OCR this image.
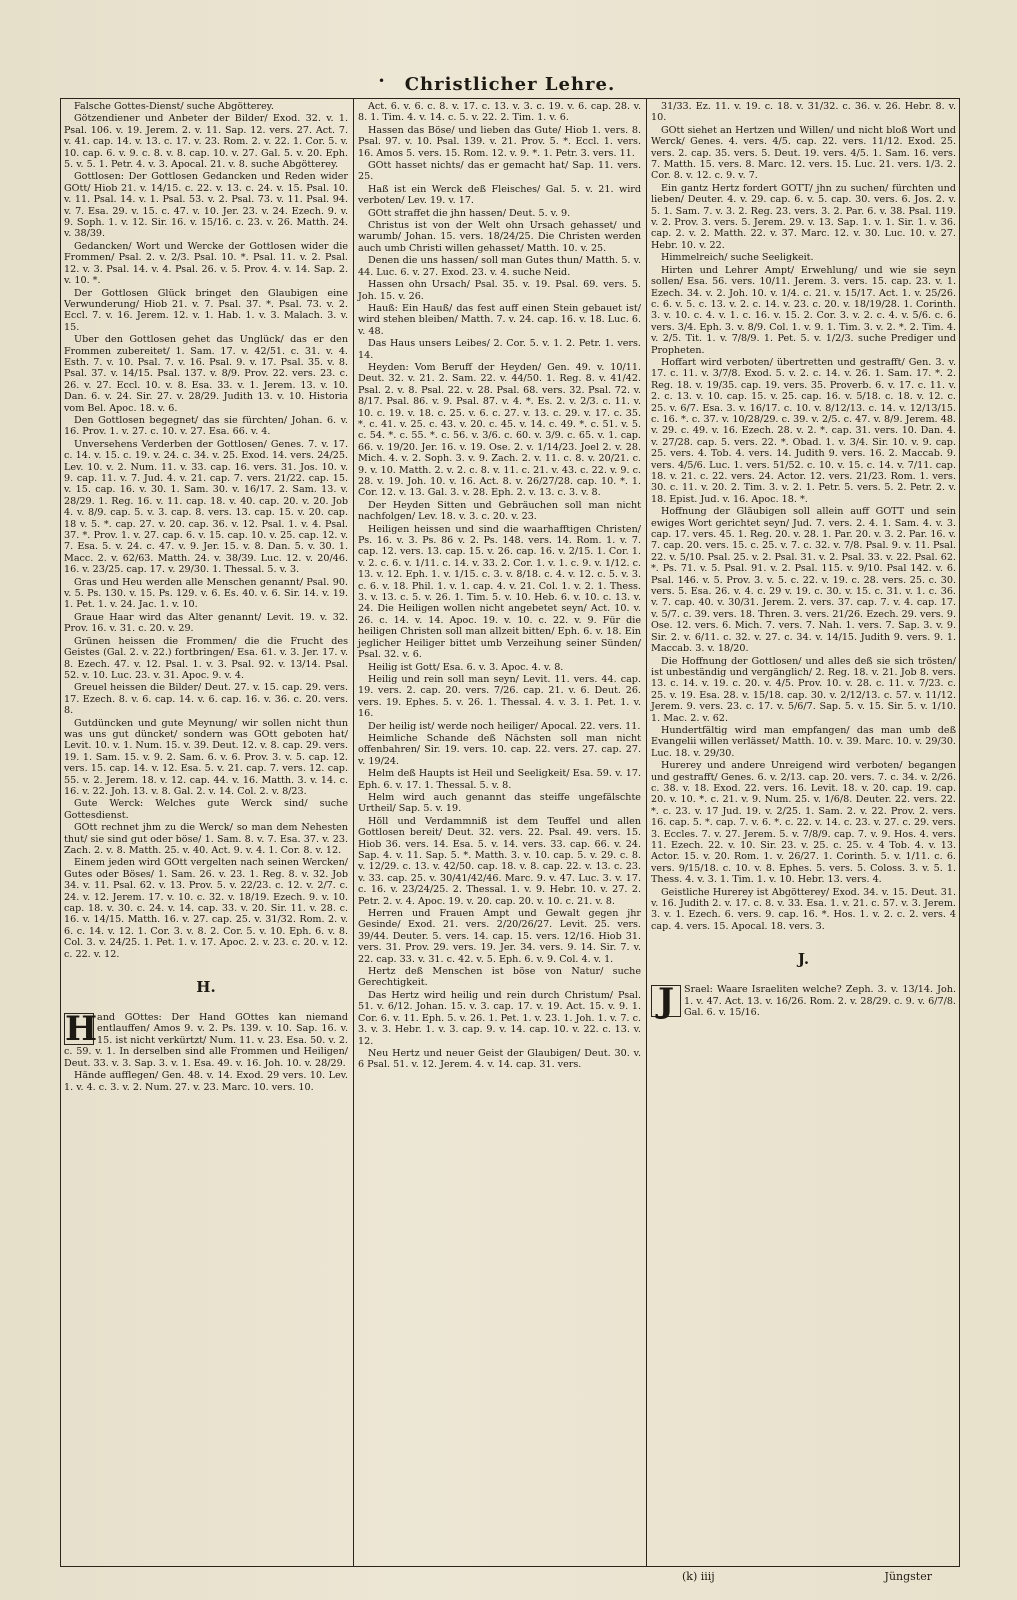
• Christlicher Lehre.

Falsche Gottes-Dienst/ suche Abgötterey.

Götzendiener und Anbeter der Bilder/ Exod. 32. v. 1. Psal. 106. v. 19. Jerem. 2. v. 11. Sap. 12. vers. 27. Act. 7. v. 41. cap. 14. v. 13. c. 17. v. 23. Rom. 2. v. 22. 1. Cor. 5. v. 10. cap. 6. v. 9. c. 8. v. 8. cap. 10. v. 27. Gal. 5. v. 20. Eph. 5. v. 5. 1. Petr. 4. v. 3. Apocal. 21. v. 8. suche Abgötterey.

Gottlosen: Der Gottlosen Gedancken und Reden wider GOtt/ Hiob 21. v. 14/15. c. 22. v. 13. c. 24. v. 15. Psal. 10. v. 11. Psal. 14. v. 1. Psal. 53. v. 2. Psal. 73. v. 11. Psal. 94. v. 7. Esa. 29. v. 15. c. 47. v. 10. Jer. 23. v. 24. Ezech. 9. v. 9. Soph. 1. v. 12. Sir. 16. v. 15/16. c. 23. v. 26. Matth. 24. v. 38/39.

Gedancken/ Wort und Wercke der Gottlosen wider die Frommen/ Psal. 2. v. 2/3. Psal. 10. *. Psal. 11. v. 2. Psal. 12. v. 3. Psal. 14. v. 4. Psal. 26. v. 5. Prov. 4. v. 14. Sap. 2. v. 10. *.

Der Gottlosen Glück bringet den Glaubigen eine Verwunderung/ Hiob 21. v. 7. Psal. 37. *. Psal. 73. v. 2. Eccl. 7. v. 16. Jerem. 12. v. 1. Hab. 1. v. 3. Malach. 3. v. 15.

Uber den Gottlosen gehet das Unglück/ das er den Frommen zubereitet/ 1. Sam. 17. v. 42/51. c. 31. v. 4. Esth. 7. v. 10. Psal. 7. v. 16. Psal. 9. v. 17. Psal. 35. v. 8. Psal. 37. v. 14/15. Psal. 137. v. 8/9. Prov. 22. vers. 23. c. 26. v. 27. Eccl. 10. v. 8. Esa. 33. v. 1. Jerem. 13. v. 10. Dan. 6. v. 24. Sir. 27. v. 28/29. Judith 13. v. 10. Historia vom Bel. Apoc. 18. v. 6.

Den Gottlosen begegnet/ das sie fürchten/ Johan. 6. v. 16. Prov. 1. v. 27. c. 10. v. 27. Esa. 66. v. 4.

Unversehens Verderben der Gottlosen/ Genes. 7. v. 17. c. 14. v. 15. c. 19. v. 24. c. 34. v. 25. Exod. 14. vers. 24/25. Lev. 10. v. 2. Num. 11. v. 33. cap. 16. vers. 31. Jos. 10. v. 9. cap. 11. v. 7. Jud. 4. v. 21. cap. 7. vers. 21/22. cap. 15. v. 15. cap. 16. v. 30. 1. Sam. 30. v. 16/17. 2. Sam. 13. v. 28/29. 1. Reg. 16. v. 11. cap. 18. v. 40. cap. 20. v. 20. Job 4. v. 8/9. cap. 5. v. 3. cap. 8. vers. 13. cap. 15. v. 20. cap. 18 v. 5. *. cap. 27. v. 20. cap. 36. v. 12. Psal. 1. v. 4. Psal. 37. *. Prov. 1. v. 27. cap. 6. v. 15. cap. 10. v. 25. cap. 12. v. 7. Esa. 5. v. 24. c. 47. v. 9. Jer. 15. v. 8. Dan. 5. v. 30. 1. Macc. 2. v. 62/63. Matth. 24. v. 38/39. Luc. 12. v. 20/46. 16. v. 23/25. cap. 17. v. 29/30. 1. Thessal. 5. v. 3.

Gras und Heu werden alle Menschen genannt/ Psal. 90. v. 5. Ps. 130. v. 15. Ps. 129. v. 6. Es. 40. v. 6. Sir. 14. v. 19. 1. Pet. 1. v. 24. Jac. 1. v. 10.

Graue Haar wird das Alter genannt/ Levit. 19. v. 32. Prov. 16. v. 31. c. 20. v. 29.

Grünen heissen die Frommen/ die die Frucht des Geistes (Gal. 2. v. 22.) fortbringen/ Esa. 61. v. 3. Jer. 17. v. 8. Ezech. 47. v. 12. Psal. 1. v. 3. Psal. 92. v. 13/14. Psal. 52. v. 10. Luc. 23. v. 31. Apoc. 9. v. 4.

Greuel heissen die Bilder/ Deut. 27. v. 15. cap. 29. vers. 17. Ezech. 8. v. 6. cap. 14. v. 6. cap. 16. v. 36. c. 20. vers. 8.

Gutdüncken und gute Meynung/ wir sollen nicht thun was uns gut düncket/ sondern was GOtt geboten hat/ Levit. 10. v. 1. Num. 15. v. 39. Deut. 12. v. 8. cap. 29. vers. 19. 1. Sam. 15. v. 9. 2. Sam. 6. v. 6. Prov. 3. v. 5. cap. 12. vers. 15. cap. 14. v. 12. Esa. 5. v. 21. cap. 7. vers. 12. cap. 55. v. 2. Jerem. 18. v. 12. cap. 44. v. 16. Matth. 3. v. 14. c. 16. v. 22. Joh. 13. v. 8. Gal. 2. v. 14. Col. 2. v. 8/23.

Gute Werck: Welches gute Werck sind/ suche Gottesdienst.

GOtt rechnet jhm zu die Werck/ so man dem Nehesten thut/ sie sind gut oder böse/ 1. Sam. 8. v. 7. Esa. 37. v. 23. Zach. 2. v. 8. Matth. 25. v. 40. Act. 9. v. 4. 1. Cor. 8. v. 12.

Einem jeden wird GOtt vergelten nach seinen Wercken/ Gutes oder Böses/ 1. Sam. 26. v. 23. 1. Reg. 8. v. 32. Job 34. v. 11. Psal. 62. v. 13. Prov. 5. v. 22/23. c. 12. v. 2/7. c. 24. v. 12. Jerem. 17. v. 10. c. 32. v. 18/19. Ezech. 9. v. 10. cap. 18. v. 30. c. 24. v. 14. cap. 33. v. 20. Sir. 11. v. 28. c. 16. v. 14/15. Matth. 16. v. 27. cap. 25. v. 31/32. Rom. 2. v. 6. c. 14. v. 12. 1. Cor. 3. v. 8. 2. Cor. 5. v. 10. Eph. 6. v. 8. Col. 3. v. 24/25. 1. Pet. 1. v. 17. Apoc. 2. v. 23. c. 20. v. 12. c. 22. v. 12.

H.

H and GOttes: Der Hand GOttes kan niemand entlauffen/ Amos 9. v. 2. Ps. 139. v. 10. Sap. 16. v. 15. ist nicht verkürtzt/ Num. 11. v. 23. Esa. 50. v. 2. c. 59. v. 1. In derselben sind alle Frommen und Heiligen/ Deut. 33. v. 3. Sap. 3. v. 1. Esa. 49. v. 16. Joh. 10. v. 28/29.

Hände aufflegen/ Gen. 48. v. 14. Exod. 29 vers. 10. Lev. 1. v. 4. c. 3. v. 2. Num. 27. v. 23. Marc. 10. vers. 10.

Act. 6. v. 6. c. 8. v. 17. c. 13. v. 3. c. 19. v. 6. cap. 28. v. 8. 1. Tim. 4. v. 14. c. 5. v. 22. 2. Tim. 1. v. 6.

Hassen das Böse/ und lieben das Gute/ Hiob 1. vers. 8. Psal. 97. v. 10. Psal. 139. v. 21. Prov. 5. *. Eccl. 1. vers. 16. Amos 5. vers. 15. Rom. 12. v. 9. *. 1. Petr. 3. vers. 11.

GOtt hasset nichts/ das er gemacht hat/ Sap. 11. vers. 25.

Haß ist ein Werck deß Fleisches/ Gal. 5. v. 21. wird verboten/ Lev. 19. v. 17.

GOtt straffet die jhn hassen/ Deut. 5. v. 9.

Christus ist von der Welt ohn Ursach gehasset/ und warumb/ Johan. 15. vers. 18/24/25. Die Christen werden auch umb Christi willen gehasset/ Matth. 10. v. 25.

Denen die uns hassen/ soll man Gutes thun/ Matth. 5. v. 44. Luc. 6. v. 27. Exod. 23. v. 4. suche Neid.

Hassen ohn Ursach/ Psal. 35. v. 19. Psal. 69. vers. 5. Joh. 15. v. 26.

Hauß: Ein Hauß/ das fest auff einen Stein gebauet ist/ wird stehen bleiben/ Matth. 7. v. 24. cap. 16. v. 18. Luc. 6. v. 48.

Das Haus unsers Leibes/ 2. Cor. 5. v. 1. 2. Petr. 1. vers. 14.

Heyden: Vom Beruff der Heyden/ Gen. 49. v. 10/11. Deut. 32. v. 21. 2. Sam. 22. v. 44/50. 1. Reg. 8. v. 41/42. Psal. 2. v. 8. Psal. 22. v. 28. Psal. 68. vers. 32. Psal. 72. v. 8/17. Psal. 86. v. 9. Psal. 87. v. 4. *. Es. 2. v. 2/3. c. 11. v. 10. c. 19. v. 18. c. 25. v. 6. c. 27. v. 13. c. 29. v. 17. c. 35. *. c. 41. v. 25. c. 43. v. 20. c. 45. v. 14. c. 49. *. c. 51. v. 5. c. 54. *. c. 55. *. c. 56. v. 3/6. c. 60. v. 3/9. c. 65. v. 1. cap. 66. v. 19/20. Jer. 16. v. 19. Ose. 2. v. 1/14/23. Joel 2. v. 28. Mich. 4. v. 2. Soph. 3. v. 9. Zach. 2. v. 11. c. 8. v. 20/21. c. 9. v. 10. Matth. 2. v. 2. c. 8. v. 11. c. 21. v. 43. c. 22. v. 9. c. 28. v. 19. Joh. 10. v. 16. Act. 8. v. 26/27/28. cap. 10. *. 1. Cor. 12. v. 13. Gal. 3. v. 28. Eph. 2. v. 13. c. 3. v. 8.

Der Heyden Sitten und Gebräuchen soll man nicht nachfolgen/ Lev. 18. v. 3. c. 20. v. 23.

Heiligen heissen und sind die waarhafftigen Christen/ Ps. 16. v. 3. Ps. 86 v. 2. Ps. 148. vers. 14. Rom. 1. v. 7. cap. 12. vers. 13. cap. 15. v. 26. cap. 16. v. 2/15. 1. Cor. 1. v. 2. c. 6. v. 1/11. c. 14. v. 33. 2. Cor. 1. v. 1. c. 9. v. 1/12. c. 13. v. 12. Eph. 1. v. 1/15. c. 3. v. 8/18. c. 4. v. 12. c. 5. v. 3. c. 6. v. 18. Phil. 1. v. 1. cap. 4. v. 21. Col. 1. v. 2. 1. Thess. 3. v. 13. c. 5. v. 26. 1. Tim. 5. v. 10. Heb. 6. v. 10. c. 13. v. 24. Die Heiligen wollen nicht angebetet seyn/ Act. 10. v. 26. c. 14. v. 14. Apoc. 19. v. 10. c. 22. v. 9. Für die heiligen Christen soll man allzeit bitten/ Eph. 6. v. 18. Ein jeglicher Heiliger bittet umb Verzeihung seiner Sünden/ Psal. 32. v. 6.

Heilig ist Gott/ Esa. 6. v. 3. Apoc. 4. v. 8.

Heilig und rein soll man seyn/ Levit. 11. vers. 44. cap. 19. vers. 2. cap. 20. vers. 7/26. cap. 21. v. 6. Deut. 26. vers. 19. Ephes. 5. v. 26. 1. Thessal. 4. v. 3. 1. Pet. 1. v. 16.

Der heilig ist/ werde noch heiliger/ Apocal. 22. vers. 11.

Heimliche Schande deß Nächsten soll man nicht offenbahren/ Sir. 19. vers. 10. cap. 22. vers. 27. cap. 27. v. 19/24.

Helm deß Haupts ist Heil und Seeligkeit/ Esa. 59. v. 17. Eph. 6. v. 17. 1. Thessal. 5. v. 8.

Helm wird auch genannt das steiffe ungefälschte Urtheil/ Sap. 5. v. 19.

Höll und Verdammniß ist dem Teuffel und allen Gottlosen bereit/ Deut. 32. vers. 22. Psal. 49. vers. 15. Hiob 36. vers. 14. Esa. 5. v. 14. vers. 33. cap. 66. v. 24. Sap. 4. v. 11. Sap. 5. *. Matth. 3. v. 10. cap. 5. v. 29. c. 8. v. 12/29. c. 13. v. 42/50. cap. 18. v. 8. cap. 22. v. 13. c. 23. v. 33. cap. 25. v. 30/41/42/46. Marc. 9. v. 47. Luc. 3. v. 17. c. 16. v. 23/24/25. 2. Thessal. 1. v. 9. Hebr. 10. v. 27. 2. Petr. 2. v. 4. Apoc. 19. v. 20. cap. 20. v. 10. c. 21. v. 8.

Herren und Frauen Ampt und Gewalt gegen jhr Gesinde/ Exod. 21. vers. 2/20/26/27. Levit. 25. vers. 39/44. Deuter. 5. vers. 14. cap. 15. vers. 12/16. Hiob 31. vers. 31. Prov. 29. vers. 19. Jer. 34. vers. 9. 14. Sir. 7. v. 22. cap. 33. v. 31. c. 42. v. 5. Eph. 6. v. 9. Col. 4. v. 1.

Hertz deß Menschen ist böse von Natur/ suche Gerechtigkeit.

Das Hertz wird heilig und rein durch Christum/ Psal. 51. v. 6/12. Johan. 15. v. 3. cap. 17. v. 19. Act. 15. v. 9. 1. Cor. 6. v. 11. Eph. 5. v. 26. 1. Pet. 1. v. 23. 1. Joh. 1. v. 7. c. 3. v. 3. Hebr. 1. v. 3. cap. 9. v. 14. cap. 10. v. 22. c. 13. v. 12.

Neu Hertz und neuer Geist der Glaubigen/ Deut. 30. v. 6 Psal. 51. v. 12. Jerem. 4. v. 14. cap. 31. vers.

31/33. Ez. 11. v. 19. c. 18. v. 31/32. c. 36. v. 26. Hebr. 8. v. 10.

GOtt siehet an Hertzen und Willen/ und nicht bloß Wort und Werck/ Genes. 4. vers. 4/5. cap. 22. vers. 11/12. Exod. 25. vers. 2. cap. 35. vers. 5. Deut. 19. vers. 4/5. 1. Sam. 16. vers. 7. Matth. 15. vers. 8. Marc. 12. vers. 15. Luc. 21. vers. 1/3. 2. Cor. 8. v. 12. c. 9. v. 7.

Ein gantz Hertz fordert GOTT/ jhn zu suchen/ fürchten und lieben/ Deuter. 4. v. 29. cap. 6. v. 5. cap. 30. vers. 6. Jos. 2. v. 5. 1. Sam. 7. v. 3. 2. Reg. 23. vers. 3. 2. Par. 6. v. 38. Psal. 119. v. 2. Prov. 3. vers. 5. Jerem. 29. v. 13. Sap. 1. v. 1. Sir. 1. v. 36. cap. 2. v. 2. Matth. 22. v. 37. Marc. 12. v. 30. Luc. 10. v. 27. Hebr. 10. v. 22.

Himmelreich/ suche Seeligkeit.

Hirten und Lehrer Ampt/ Erwehlung/ und wie sie seyn sollen/ Esa. 56. vers. 10/11. Jerem. 3. vers. 15. cap. 23. v. 1. Ezech. 34. v. 2. Joh. 10. v. 1/4. c. 21. v. 15/17. Act. 1. v. 25/26. c. 6. v. 5. c. 13. v. 2. c. 14. v. 23. c. 20. v. 18/19/28. 1. Corinth. 3. v. 10. c. 4. v. 1. c. 16. v. 15. 2. Cor. 3. v. 2. c. 4. v. 5/6. c. 6. vers. 3/4. Eph. 3. v. 8/9. Col. 1. v. 9. 1. Tim. 3. v. 2. *. 2. Tim. 4. v. 2/5. Tit. 1. v. 7/8/9. 1. Pet. 5. v. 1/2/3. suche Prediger und Propheten.

Hoffart wird verboten/ übertretten und gestrafft/ Gen. 3. v. 17. c. 11. v. 3/7/8. Exod. 5. v. 2. c. 14. v. 26. 1. Sam. 17. *. 2. Reg. 18. v. 19/35. cap. 19. vers. 35. Proverb. 6. v. 17. c. 11. v. 2. c. 13. v. 10. cap. 15. v. 25. cap. 16. v. 5/18. c. 18. v. 12. c. 25. v. 6/7. Esa. 3. v. 16/17. c. 10. v. 8/12/13. c. 14. v. 12/13/15. c. 16. *. c. 37. v. 10/28/29. c. 39. v. 2/5. c. 47. v. 8/9. Jerem. 48. v. 29. c. 49. v. 16. Ezech. 28. v. 2. *. cap. 31. vers. 10. Dan. 4. v. 27/28. cap. 5. vers. 22. *. Obad. 1. v. 3/4. Sir. 10. v. 9. cap. 25. vers. 4. Tob. 4. vers. 14. Judith 9. vers. 16. 2. Maccab. 9. vers. 4/5/6. Luc. 1. vers. 51/52. c. 10. v. 15. c. 14. v. 7/11. cap. 18. v. 21. c. 22. vers. 24. Actor. 12. vers. 21/23. Rom. 1. vers. 30. c. 11. v. 20. 2. Tim. 3. v. 2. 1. Petr. 5. vers. 5. 2. Petr. 2. v. 18. Epist. Jud. v. 16. Apoc. 18. *.

Hoffnung der Gläubigen soll allein auff GOTT und sein ewiges Wort gerichtet seyn/ Jud. 7. vers. 2. 4. 1. Sam. 4. v. 3. cap. 17. vers. 45. 1. Reg. 20. v. 28. 1. Par. 20. v. 3. 2. Par. 16. v. 7. cap. 20. vers. 15. c. 25. v. 7. c. 32. v. 7/8. Psal. 9. v. 11. Psal. 22. v. 5/10. Psal. 25. v. 2. Psal. 31. v. 2. Psal. 33. v. 22. Psal. 62. *. Ps. 71. v. 5. Psal. 91. v. 2. Psal. 115. v. 9/10. Psal 142. v. 6. Psal. 146. v. 5. Prov. 3. v. 5. c. 22. v. 19. c. 28. vers. 25. c. 30. vers. 5. Esa. 26. v. 4. c. 29 v. 19. c. 30. v. 15. c. 31. v. 1. c. 36. v. 7. cap. 40. v. 30/31. Jerem. 2. vers. 37. cap. 7. v. 4. cap. 17. v. 5/7. c. 39. vers. 18. Thren. 3. vers. 21/26. Ezech. 29. vers. 9. Ose. 12. vers. 6. Mich. 7. vers. 7. Nah. 1. vers. 7. Sap. 3. v. 9. Sir. 2. v. 6/11. c. 32. v. 27. c. 34. v. 14/15. Judith 9. vers. 9. 1. Maccab. 3. v. 18/20.

Die Hoffnung der Gottlosen/ und alles deß sie sich trösten/ ist unbeständig und vergänglich/ 2. Reg. 18. v. 21. Job 8. vers. 13. c. 14. v. 19. c. 20. v. 4/5. Prov. 10. v. 28. c. 11. v. 7/23. c. 25. v. 19. Esa. 28. v. 15/18. cap. 30. v. 2/12/13. c. 57. v. 11/12. Jerem. 9. vers. 23. c. 17. v. 5/6/7. Sap. 5. v. 15. Sir. 5. v. 1/10. 1. Mac. 2. v. 62.

Hundertfältig wird man empfangen/ das man umb deß Evangelii willen verlässet/ Matth. 10. v. 39. Marc. 10. v. 29/30. Luc. 18. v. 29/30.

Hurerey und andere Unreigend wird verboten/ begangen und gestrafft/ Genes. 6. v. 2/13. cap. 20. vers. 7. c. 34. v. 2/26. c. 38. v. 18. Exod. 22. vers. 16. Levit. 18. v. 20. cap. 19. cap. 20. v. 10. *. c. 21. v. 9. Num. 25. v. 1/6/8. Deuter. 22. vers. 22. *. c. 23. v. 17 Jud. 19. v. 2/25. 1. Sam. 2. v. 22. Prov. 2. vers. 16. cap. 5. *. cap. 7. v. 6. *. c. 22. v. 14. c. 23. v. 27. c. 29. vers. 3. Eccles. 7. v. 27. Jerem. 5. v. 7/8/9. cap. 7. v. 9. Hos. 4. vers. 11. Ezech. 22. v. 10. Sir. 23. v. 25. c. 25. v. 4 Tob. 4. v. 13. Actor. 15. v. 20. Rom. 1. v. 26/27. 1. Corinth. 5. v. 1/11. c. 6. vers. 9/15/18. c. 10. v. 8. Ephes. 5. vers. 5. Coloss. 3. v. 5. 1. Thess. 4. v. 3. 1. Tim. 1. v. 10. Hebr. 13. vers. 4.

Geistliche Hurerey ist Abgötterey/ Exod. 34. v. 15. Deut. 31. v. 16. Judith 2. v. 17. c. 8. v. 33. Esa. 1. v. 21. c. 57. v. 3. Jerem. 3. v. 1. Ezech. 6. vers. 9. cap. 16. *. Hos. 1. v. 2. c. 2. vers. 4 cap. 4. vers. 15. Apocal. 18. vers. 3.

J.

J	Srael: Waare Israeliten welche? Zeph. 3. v. 13/14. Joh. 1. v. 47. Act. 13. v. 16/26. Rom. 2. v. 28/29. c. 9. v. 6/7/8. Gal. 6. v. 15/16.

(k) iiij	Jüngster
